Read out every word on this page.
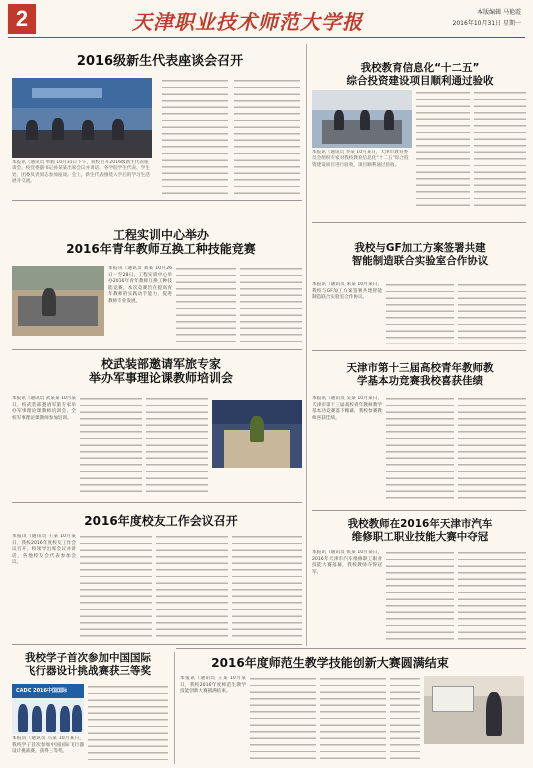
2	天津职业技术师范大学报	本版编辑 马艳霞
2016年10月31日 星期一
2016级新生代表座谈会召开
本报讯（通讯员 单鹤 10月31日下午，我校召开2016级新生代表座谈会，校党委副书记孙某某出席会议并讲话，各学院学生代表、学生处、团委负责同志参加座谈。会上，新生代表围绕入学后的学习生活展开交流。
工程实训中心举办
2016年青年教师互换工种技能竞赛
本报讯（通讯员 刘某 10月26日一至28日，工程实训中心举办2016年青年教师互换工种技能竞赛。本次竞赛旨在提高青年教师的实践动手能力，促进教师专业发展。
校武装部邀请军旅专家
举办军事理论课教师培训会
本报讯（通讯员 武某某 10月某日，校武装部邀请军旅专家举办军事理论课教师培训会，全校军事理论课教师参加培训。
2016年度校友工作会议召开
本报讯（通讯员 王某 10月某日，我校2016年度校友工作会议召开，校领导出席会议并讲话，各地校友会代表参加会议。
我校学子首次参加中国国际
飞行器设计挑战赛获三等奖
CADC 2016中国国际
本报讯（通讯员 马某 10月某日，我校学子首次参加中国国际飞行器设计挑战赛，获得三等奖。
2016年度师范生教学技能创新大赛圆满结束
本报讯（通讯员 王某 10月某日，我校2016年度师范生教学技能创新大赛圆满结束。
我校教育信息化“十二五”
综合投资建设项目顺利通过验收
本报讯（通讯员 李某 10月某日，天津市教育委员会组织专家对我校教育信息化“十二五”综合投资建设项目进行验收，项目顺利通过验收。
我校与GF加工方案签署共建
智能制造联合实验室合作协议
本报讯（通讯员 朱某 10月某日，我校与GF加工方案签署共建智能制造联合实验室合作协议。
天津市第十三届高校青年教师教
学基本功竞赛我校喜获佳绩
本报讯（通讯员 吴某 10月某日，天津市第十三届高校青年教师教学基本功竞赛落下帷幕，我校参赛教师喜获佳绩。
我校教师在2016年天津市汽车
维修职工职业技能大赛中夺冠
本报讯（通讯员 张某 10月某日，2016年天津市汽车维修职工职业技能大赛落幕，我校教师夺得冠军。
